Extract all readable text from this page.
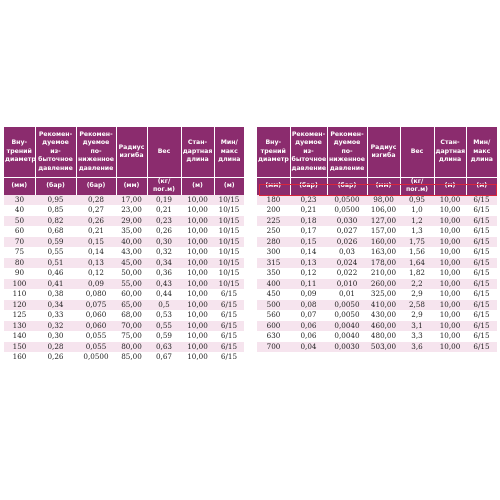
Вну-
трений
диаметр	Рекомен-
дуемое из-
быточное
давление	Рекомен-
дуемое по-
ниженное
давление	Радиус
изгиба	Вес	Стан-
дартная
длина	Мин/
макс
длина
(мм)	(бар)	(бар)	(мм)	(кг/пог.м)	(м)	(м)
30	0,95	0,28	17,00	0,19	10,00	10/15
40	0,85	0,27	23,00	0,21	10,00	10/15
50	0,82	0,26	29,00	0,23	10,00	10/15
60	0,68	0,21	35,00	0,26	10,00	10/15
70	0,59	0,15	40,00	0,30	10,00	10/15
75	0,55	0,14	43,00	0,32	10,00	10/15
80	0,51	0,13	45,00	0,34	10,00	10/15
90	0,46	0,12	50,00	0,36	10,00	10/15
100	0,41	0,09	55,00	0,43	10,00	10/15
110	0,38	0,080	60,00	0,44	10,00	6/15
120	0,34	0,075	65,00	0,5	10,00	6/15
125	0,33	0,060	68,00	0,53	10,00	6/15
130	0,32	0,060	70,00	0,55	10,00	6/15
140	0,30	0,055	75,00	0,59	10,00	6/15
150	0,28	0,055	80,00	0,63	10,00	6/15
160	0,26	0,0500	85,00	0,67	10,00	6/15
Вну-
трений
диаметр	Рекомен-
дуемое из-
быточное
давление	Рекомен-
дуемое по-
ниженное
давление	Радиус
изгиба	Вес	Стан-
дартная
длина	Мин/
макс
длина
(мм)	(бар)	(бар)	(мм)	(кг/пог.м)	(м)	(м)
180	0,23	0,0500	98,00	0,95	10,00	6/15
200	0,21	0,0500	106,00	1,0	10,00	6/15
225	0,18	0,030	127,00	1,2	10,00	6/15
250	0,17	0,027	157,00	1,3	10,00	6/15
280	0,15	0,026	160,00	1,75	10,00	6/15
300	0,14	0,03	163,00	1,56	10,00	6/15
315	0,13	0,024	178,00	1,64	10,00	6/15
350	0,12	0,022	210,00	1,82	10,00	6/15
400	0,11	0,010	260,00	2,2	10,00	6/15
450	0,09	0,01	325,00	2,9	10,00	6/15
500	0,08	0,0050	410,00	2,58	10,00	6/15
560	0,07	0,0050	430,00	2,9	10,00	6/15
600	0,06	0,0040	460,00	3,1	10,00	6/15
630	0,06	0,0040	480,00	3,3	10,00	6/15
700	0,04	0,0030	503,00	3,6	10,00	6/15
